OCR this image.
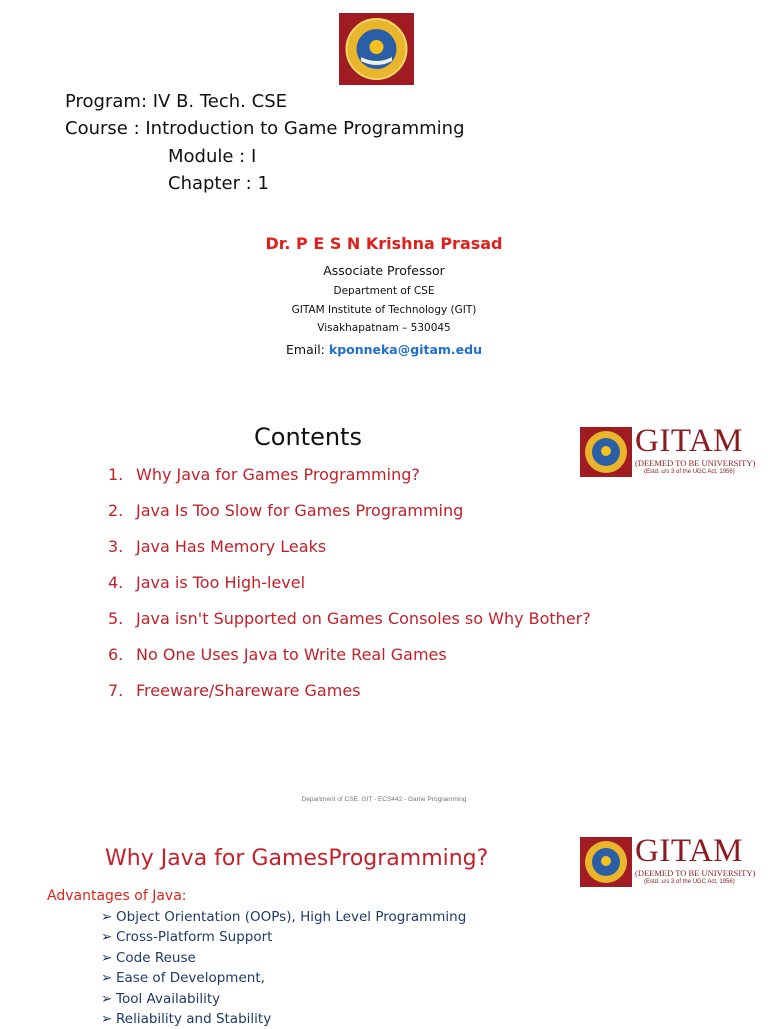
Program: IV B. Tech. CSE
Course : Introduction to Game Programming
Module : I
Chapter : 1
Dr. P E S N Krishna Prasad
Associate Professor
Department of CSE
GITAM Institute of Technology (GIT)
Visakhapatnam – 530045
Email: kponneka@gitam.edu
Contents	GITAM
(DEEMED TO BE UNIVERSITY)
(Estd. u/s 3 of the UGC Act, 1956)
1. Why Java for Games Programming?
2. Java Is Too Slow for Games Programming
3. Java Has Memory Leaks
4. Java is Too High-level
5. Java isn't Supported on Games Consoles so Why Bother?
6. No One Uses Java to Write Real Games
7. Freeware/Shareware Games
Department of CSE, GIT - ECS442 - Game Programming
Why Java for GamesProgramming?	GITAM
(DEEMED TO BE UNIVERSITY)
(Estd. u/s 3 of the UGC Act, 1956)
Advantages of Java:
➢ Object Orientation (OOPs), High Level Programming
➢ Cross-Platform Support
➢ Code Reuse
➢ Ease of Development,
➢ Tool Availability
➢ Reliability and Stability
